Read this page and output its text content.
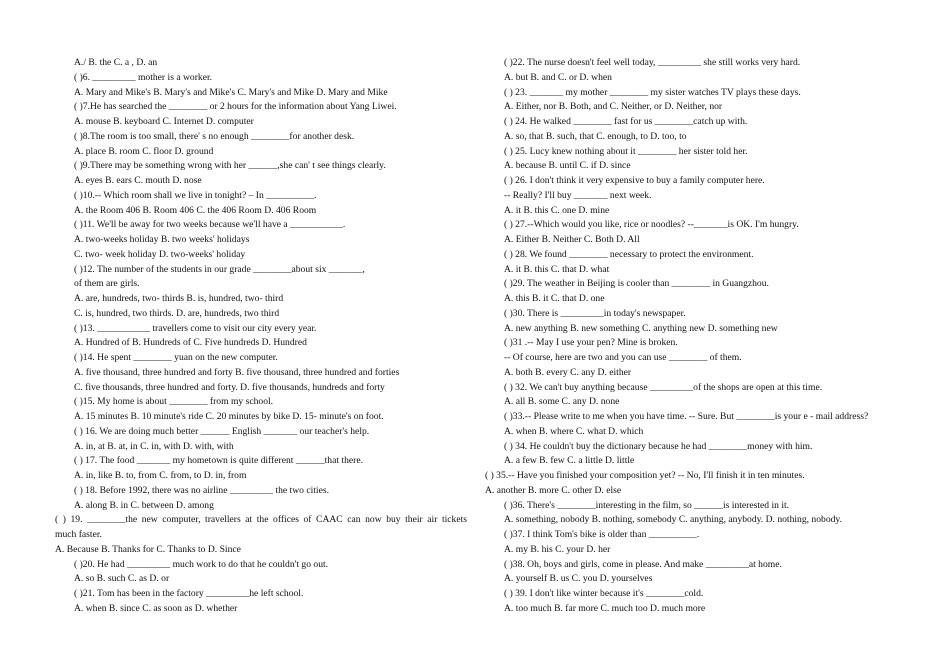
A./ B. the C. a , D. an
( )6. _________ mother is a worker.
A. Mary and Mike's B. Mary's and Mike's C. Mary's and Mike D. Mary and Mike
( )7.He has searched the ________ or 2 hours for the information about Yang Liwei.
A. mouse B. keyboard C. Internet D. computer
( )8.The room is too small, there' s no enough ________for another desk.
A. place B. room C. floor D. ground
( )9.There may be something wrong with her ______,she can' t see things clearly.
A. eyes B. ears C. mouth D. nose
( )10.-- Which room shall we live in tonight? – In __________.
A. the Room 406 B. Room 406 C. the 406 Room D. 406 Room
( )11. We'll be away for two weeks because we'll have a ___________.
A. two-weeks holiday B. two weeks' holidays
C. two- week holiday D. two-weeks' holiday
( )12. The number of the students in our grade ________about six _______,
of them are girls.
A. are, hundreds, two- thirds B. is, hundred, two- third
C. is, hundred, two thirds. D. are, hundreds, two third
( )13. ___________ travellers come to visit our city every year.
A. Hundred of B. Hundreds of C. Five hundreds D. Hundred
( )14. He spent ________ yuan on the new computer.
A. five thousand, three hundred and forty B. five thousand, three hundred and forties
C. five thousands, three hundred and forty. D. five thousands, hundreds and forty
( )15. My home is about ________ from my school.
A. 15 minutes B. 10 minute's ride C. 20 minutes by bike D. 15- minute's on foot.
( ) 16. We are doing much better ______ English _______ our teacher's help.
A. in, at B. at, in C. in, with D. with, with
( ) 17. The food _______ my hometown is quite different ______that there.
A. in, like B. to, from C. from, to D. in, from
( ) 18. Before 1992, there was no airline _________ the two cities.
A. along B. in C. between D. among
( ) 19. ________the new computer, travellers at the offices of CAAC can now buy their air tickets
much faster.
A. Because B. Thanks for C. Thanks to D. Since
( )20. He had _________ much work to do that he couldn't go out.
A. so B. such C. as D. or
( )21. Tom has been in the factory _________he left school.
A. when B. since C. as soon as D. whether
( )22. The nurse doesn't feel well today, _________ she still works very hard.
A. but B. and C. or D. when
( ) 23. _______ my mother ________ my sister watches TV plays these days.
A. Either, nor B. Both, and C. Neither, or D. Neither, nor
( ) 24. He walked ________ fast for us ________catch up with.
A. so, that B. such, that C. enough, to D. too, to
( ) 25. Lucy knew nothing about it ________ her sister told her.
A. because B. until C. if D. since
( ) 26. I don't think it very expensive to buy a family computer here.
-- Really? I'll buy _______ next week.
A. it B. this C. one D. mine
( ) 27.--Which would you like, rice or noodles? --_______is OK. I'm hungry.
A. Either B. Neither C. Both D. All
( ) 28. We found ________ necessary to protect the environment.
A. it B. this C. that D. what
( )29. The weather in Beijing is cooler than ________ in Guangzhou.
A. this B. it C. that D. one
( )30. There is _________in today's newspaper.
A. new anything B. new something C. anything new D. something new
( )31 .-- May I use your pen? Mine is broken.
-- Of course, here are two and you can use ________ of them.
A. both B. every C. any D. either
( ) 32. We can't buy anything because _________of the shops are open at this time.
A. all B. some C. any D. none
( )33.-- Please write to me when you have time. -- Sure. But ________is your e - mail address?
A. when B. where C. what D. which
( ) 34. He couldn't buy the dictionary because he had ________money with him.
A. a few B. few C. a little D. little
( ) 35.-- Have you finished your composition yet? -- No, I'll finish it in ten minutes.
A. another B. more C. other D. else
( )36. There's ________interesting in the film, so ______is interested in it.
A. something, nobody B. nothing, somebody C. anything, anybody. D. nothing, nobody.
( )37. I think Tom's bike is older than __________.
A. my B. his C. your D. her
( )38. Oh, boys and girls, come in please. And make _________at home.
A. yourself B. us C. you D. yourselves
( ) 39. I don't like winter because it's ________cold.
A. too much B. far more C. much too D. much more
